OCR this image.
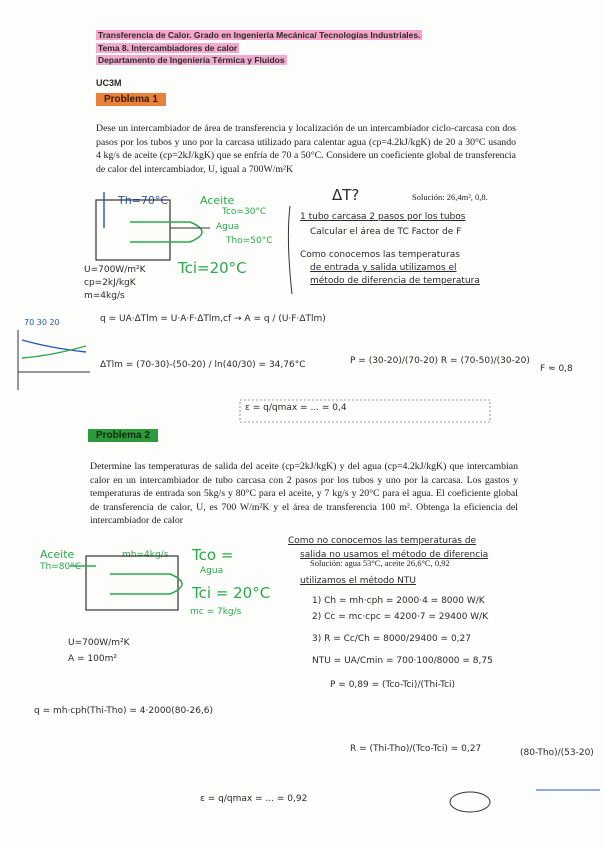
Transferencia de Calor. Grado en Ingeniería Mecánica/ Tecnologías Industriales.
Tema 8. Intercambiadores de calor
Departamento de Ingeniería Térmica y Fluidos
UC3M
Problema 1
Dese un intercambiador de área de transferencia y localización de un intercambiador ciclo-carcasa con dos pasos por los tubos y uno por la carcasa utilizado para calentar agua (cp=4.2kJ/kgK) de 20 a 30°C usando 4 kg/s de aceite (cp=2kJ/kgK) que se enfría de 70 a 50°C. Considere un coeficiente global de transferencia de calor del intercambiador, U, igual a 700W/m²K
Solución: 26,4m², 0,8.
Th=70°C	Aceite
Tco=30°C
Agua
Tho=50°C
Tci=20°C
U=700W/m²K
cp=2kJ/kgK
m=4kg/s
ΔT?
1 tubo carcasa 2 pasos por los tubos
Calcular el área de TC Factor de F
Como conocemos las temperaturas
de entrada y salida utilizamos el
método de diferencia de temperatura
q = UA·ΔTlm = U·A·F·ΔTlm,cf → A = q / (U·F·ΔTlm)
ΔTlm = (70-30)-(50-20) / ln(40/30) = 34,76°C	P = (30-20)/(70-20) R = (70-50)/(30-20)
F ≈ 0,8
ε = q/qmax = ... = 0,4
70 30 20
Problema 2
Determine las temperaturas de salida del aceite (cp=2kJ/kgK) y del agua (cp=4.2kJ/kgK) que intercambian calor en un intercambiador de tubo carcasa con 2 pasos por los tubos y uno por la carcasa. Los gastos y temperaturas de entrada son 5kg/s y 80°C para el aceite, y 7 kg/s y 20°C para el agua. El coeficiente global de transferencia de calor, U, es 700 W/m²K y el área de transferencia 100 m². Obtenga la eficiencia del intercambiador de calor
Solución: agua 53°C, aceite 26,6°C, 0,92
Aceite
Th=80°C
mh=4kg/s Tco =
Agua
Tci = 20°C
mc = 7kg/s
U=700W/m²K
A = 100m²
Como no conocemos las temperaturas de
salida no usamos el método de diferencia
utilizamos el método NTU
1) Ch = mh·cph = 2000·4 = 8000 W/K
2) Cc = mc·cpc = 4200·7 = 29400 W/K
3) R = Cc/Ch = 8000/29400 = 0,27
NTU = UA/Cmin = 700·100/8000 = 8,75
P = 0,89 = (Tco-Tci)/(Thi-Tci)
q = mh·cph(Thi-Tho) = 4·2000(80-26,6)
R = (Thi-Tho)/(Tco-Tci) = 0,27	(80-Tho)/(53-20)
ε = q/qmax = ... = 0,92
